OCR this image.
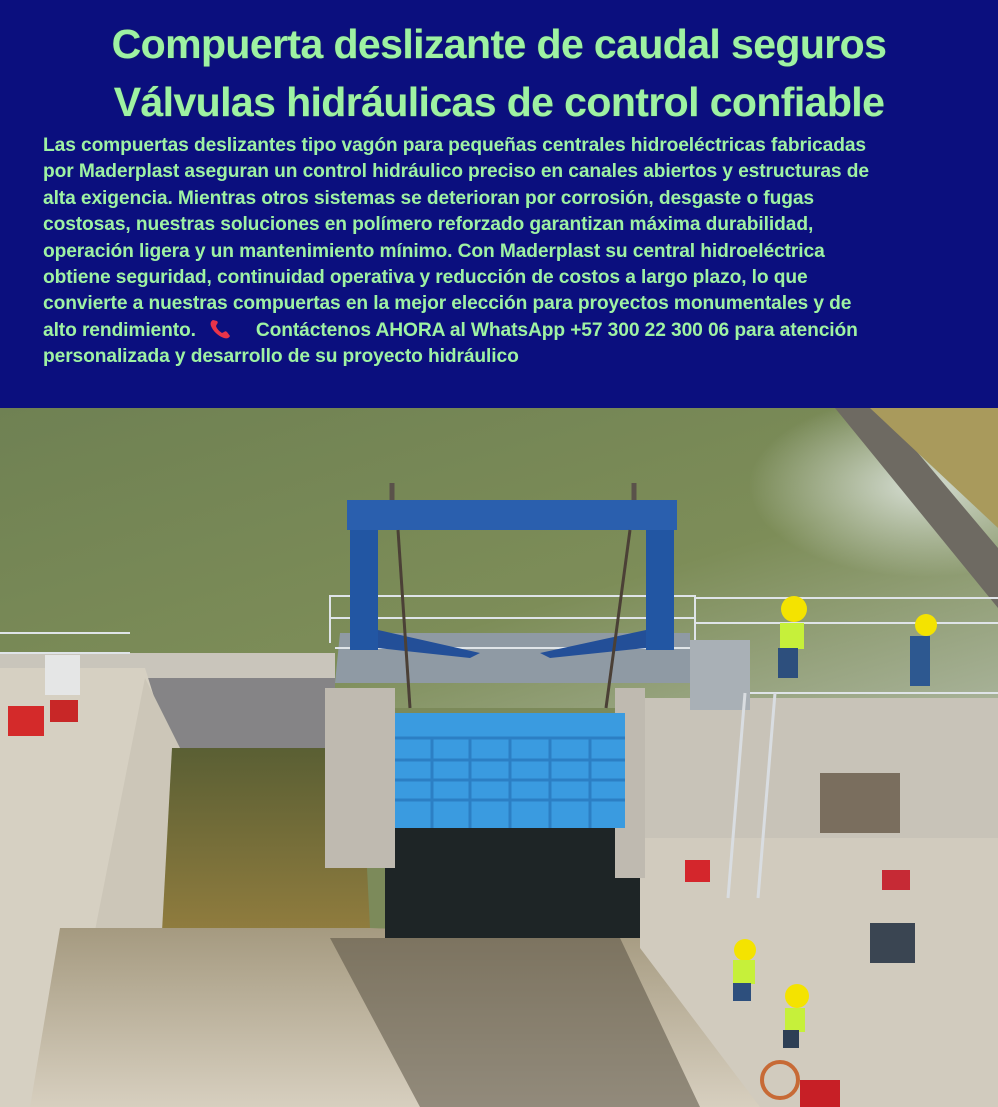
Compuerta deslizante de caudal seguros
Válvulas hidráulicas de control confiable
Las compuertas deslizantes tipo vagón para pequeñas centrales hidroeléctricas fabricadas
por Maderplast aseguran un control hidráulico preciso en canales abiertos y estructuras de
alta exigencia. Mientras otros sistemas se deterioran por corrosión, desgaste o fugas
costosas, nuestras soluciones en polímero reforzado garantizan máxima durabilidad,
operación ligera y un mantenimiento mínimo. Con Maderplast su central hidroeléctrica
obtiene seguridad, continuidad operativa y reducción de costos a largo plazo, lo que
convierte a nuestras compuertas en la mejor elección para proyectos monumentales y de
alto rendimiento.	Contáctenos AHORA al WhatsApp +57 300 22 300 06 para atención
personalizada y desarrollo de su proyecto hidráulico
